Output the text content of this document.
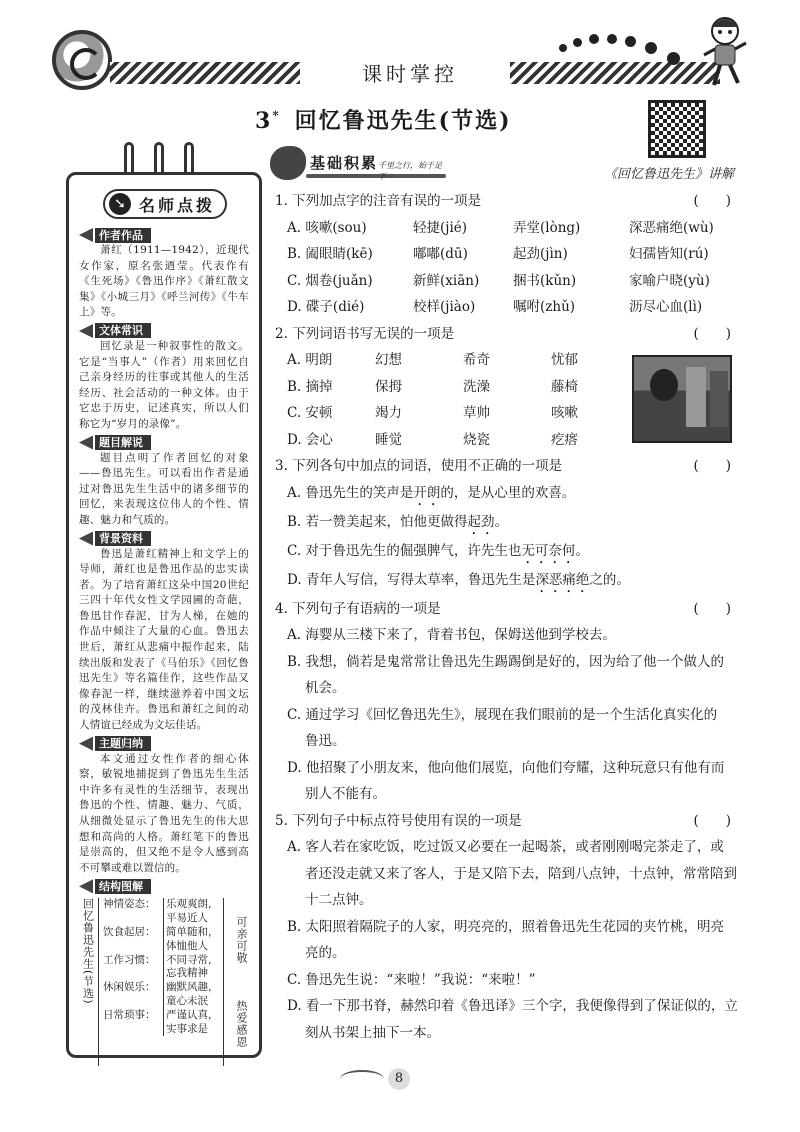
课时掌控
3* 回忆鲁迅先生(节选)
《回忆鲁迅先生》讲解
➘ 名师点拨
作者作品
萧红（1911—1942），近现代女作家，原名张迺莹。代表作有《生死场》《鲁迅作序》《萧红散文集》《小城三月》《呼兰河传》《牛车上》等。
文体常识
回忆录是一种叙事性的散文。它是“当事人”（作者）用来回忆自己亲身经历的往事或其他人的生活经历、社会活动的一种文体。由于它忠于历史，记述真实，所以人们称它为“岁月的录像”。
题目解说
题目点明了作者回忆的对象——鲁迅先生。可以看出作者是通过对鲁迅先生生活中的诸多细节的回忆，来表现这位伟人的个性、情趣、魅力和气质的。
背景资料
鲁迅是萧红精神上和文学上的导师，萧红也是鲁迅作品的忠实读者。为了培育萧红这朵中国20世纪三四十年代女性文学园圃的奇葩，鲁迅甘作春泥，甘为人梯，在她的作品中倾注了大量的心血。鲁迅去世后，萧红从悲痛中振作起来，陆续出版和发表了《马伯乐》《回忆鲁迅先生》等名篇佳作，这些作品又像春泥一样，继续滋养着中国文坛的茂林佳卉。鲁迅和萧红之间的动人情谊已经成为文坛佳话。
主题归纳
本文通过女性作者的细心体察，敏锐地捕捉到了鲁迅先生生活中许多有灵性的生活细节，表现出鲁迅的个性、情趣、魅力、气质，从细微处显示了鲁迅先生的伟大思想和高尚的人格。萧红笔下的鲁迅是崇高的，但又绝不是令人感到高不可攀或难以置信的。
结构图解
回忆鲁迅先生(节选) 神情姿态：	乐观爽朗，
平易近人
饮食起居：	简单随和，
体恤他人
工作习惯：	不同寻常，
忘我精神
休闲娱乐：	幽默风趣，
童心未泯
日常琐事：	严谨认真，
实事求是
可亲可敬
热爱感恩
基础积累 千里之行，始于足下
1. 下列加点字的注音有误的一项是	(　　)
A. 咳嗽(sou)	轻捷(jié)	弄堂(lòng)	深恶痛绝(wù)
B. 阖眼睛(kē)	嘟嘟(dū)	起劲(jìn)	妇孺皆知(rú)
C. 烟卷(juǎn)	新鲜(xiān)	捆书(kǔn)	家喻户晓(yù)
D. 碟子(dié)	校样(jiào)	嘱咐(zhǔ)	沥尽心血(lì)
2. 下列词语书写无误的一项是	(　　)
A. 明朗	幻想	希奇	忧郁
B. 摘掉	保拇	洗澡	藤椅
C. 安顿	竭力	草帅	咳嗽
D. 会心	睡觉	烧瓷	疙瘩
3. 下列各句中加点的词语，使用不正确的一项是	(　　)
A. 鲁迅先生的笑声是开朗的，是从心里的欢喜。
B. 若一赞美起来，怕他更做得起劲。
C. 对于鲁迅先生的倔强脾气，许先生也无可奈何。
D. 青年人写信，写得太草率，鲁迅先生是深恶痛绝之的。
4. 下列句子有语病的一项是	(　　)
A. 海婴从三楼下来了，背着书包，保姆送他到学校去。
B. 我想，倘若是鬼常常让鲁迅先生踢踢倒是好的，因为给了他一个做人的
机会。
C. 通过学习《回忆鲁迅先生》，展现在我们眼前的是一个生活化真实化的
鲁迅。
D. 他招聚了小朋友来，他向他们展览，向他们夸耀，这种玩意只有他有而
别人不能有。
5. 下列句子中标点符号使用有误的一项是	(　　)
A. 客人若在家吃饭，吃过饭又必要在一起喝茶，或者刚刚喝完茶走了，或
者还没走就又来了客人，于是又陪下去，陪到八点钟，十点钟，常常陪到
十二点钟。
B. 太阳照着隔院子的人家，明亮亮的，照着鲁迅先生花园的夹竹桃，明亮
亮的。
C. 鲁迅先生说：“来啦！”我说：“来啦！”
D. 看一下那书脊，赫然印着《鲁迅译》三个字，我便像得到了保证似的，立
刻从书架上抽下一本。
8
